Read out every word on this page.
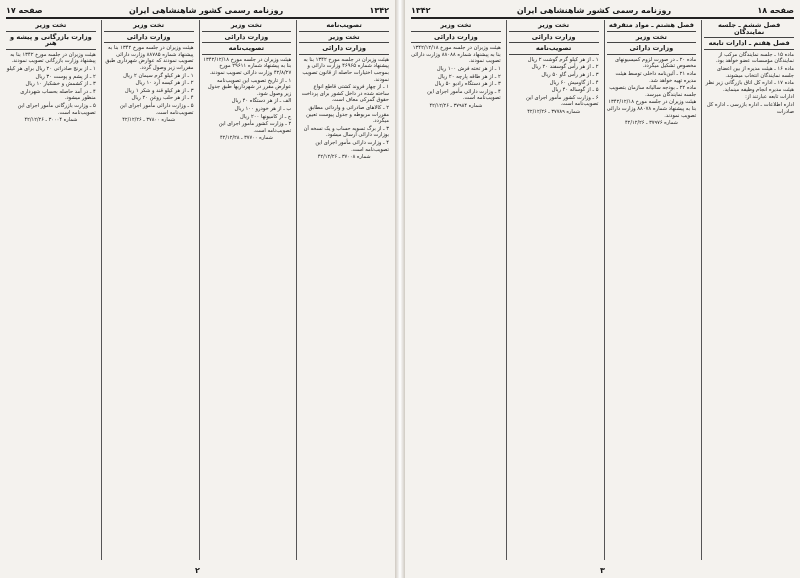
صفحه ۱۸
روزنامه رسمی کشور شاهنشاهی ایران
۱۳۴۲
فصل ششم ـ جلسه نمایندگان
فصل هفتم ـ ادارات تابعه

ماده ۱۵ ـ جلسه نمایندگان مرکب از نمایندگان مؤسسات عضو خواهد بود.

ماده ۱۶ ـ هیئت مدیره از بین اعضای جلسه نمایندگان انتخاب میشوند.

ماده ۱۷ ـ اداره کل اتاق بازرگانی زیر نظر هیئت مدیره انجام وظیفه مینماید.

ادارات تابعه عبارتند از:

اداره اطلاعات ـ اداره بازرسی ـ اداره کل صادرات

فصل هشتم ـ مواد متفرقه
تخت وزیر
وزارت دارائی

ماده ۲۰ ـ در صورت لزوم کمیسیونهای مخصوص تشکیل میگردد.

ماده ۲۱ ـ آئین‌نامه داخلی توسط هیئت مدیره تهیه خواهد شد.

ماده ۲۲ ـ بودجه سالیانه سازمان بتصویب جلسه نمایندگان میرسد.

هیئت وزیران در جلسه مورخ ۱۳۴۲/۱۲/۱۸ بنا به پیشنهاد شماره ۸۸۰۷۸ وزارت دارائی تصویب نمودند.

شماره ۳۷۹۷۶ ـ ۴۲/۱۲/۲۶
تخت وزیر
وزارت دارائی
تصویب‌نامه

۱ ـ از هر کیلو گرم گوشت ۲ ریال

۲ ـ از هر رأس گوسفند ۲۰ ریال

۳ ـ از هر رأس گاو ۵۰ ریال

۴ ـ از گاومیش ۶۰ ریال

۵ ـ از گوساله ۴۰ ریال

۶ ـ وزارت کشور مأمور اجرای این تصویب‌نامه است.

شماره ۳۷۷۸۹ ـ ۴۲/۱۲/۲۶
تخت وزیر
وزارت دارائی

هیئت وزیران در جلسه مورخ ۱۳۴۲/۱۲/۱۸ بنا به پیشنهاد شماره ۸۸۰۸۸ وزارت دارائی تصویب نمودند.

۱ ـ از هر تخته فرش ۱۰۰ ریال

۲ ـ از هر طاقه پارچه ۲۰ ریال

۳ ـ از هر دستگاه رادیو ۵۰ ریال

۴ ـ وزارت دارائی مأمور اجرای این تصویب‌نامه است.

شماره ۳۷۹۸۴ ـ ۴۲/۱۲/۲۶
۳
۱۳۴۲
روزنامه رسمی کشور شاهنشاهی ایران
صفحه ۱۷
تصویب‌نامه
تخت وزیر
وزارت دارائی

هیئت وزیران در جلسه مورخ ۱۳۴۲ بنا به پیشنهاد شماره ۴۶۹۶۵ وزارت دارائی و بموجب اختیارات حاصله از قانون تصویب نمودند.

۱ ـ از چهار فروند کشتی قاطع انواع ساخته شده در داخل کشور برای پرداخت حقوق گمرکی معاف است.

۲ ـ کالاهای صادراتی و وارداتی مطابق مقررات مربوطه و جدول پیوست تعیین میگردد.

۳ ـ از برگ تسویه حساب و یک نسخه آن بوزارت دارائی ارسال میشود.

۴ ـ وزارت دارائی مأمور اجرای این تصویب‌نامه است.

شماره ۳۷۰۰۸ ـ ۴۲/۱۲/۲۶
تخت وزیر
وزارت دارائی
تصویب‌نامه

هیئت وزیران در جلسه مورخ ۱۳۴۲/۱۲/۱۸ بنا به پیشنهاد شماره ۲۹۶۱۱ مورخ ۴۲/۸/۲۷ وزارت دارائی تصویب نمودند.

۱ ـ از تاریخ تصویب این تصویب‌نامه عوارض مقرر در شهرداریها طبق جدول زیر وصول شود.

الف ـ از هر دستگاه ۴۰ ریال

ب ـ از هر خودرو ۱۰۰ ریال

ج ـ از کامیونها ۲۰۰ ریال

۲ ـ وزارت کشور مأمور اجرای این تصویب‌نامه است.

شماره ۳۷۷۰۰ ـ ۴۲/۱۲/۲۸
تخت وزیر
وزارت دارائی

هیئت وزیران در جلسه مورخ ۱۳۴۲ بنا به پیشنهاد شماره ۸۸۷۸۵ وزارت دارائی تصویب نمودند که عوارض شهرداری طبق مقررات زیر وصول گردد.

۱ ـ از هر کیلو گرم سیمان ۲ ریال

۲ ـ از هر کیسه آرد ۱۰ ریال

۳ ـ از هر کیلو قند و شکر ۱ ریال

۴ ـ از هر حلب روغن ۲۰ ریال

۵ ـ وزارت دارائی مأمور اجرای این تصویب‌نامه است.

شماره ۳۷۸۰۰ ـ ۴۲/۱۲/۲۶
تخت وزیر
وزارت بازرگانی و پیشه و هنر

هیئت وزیران در جلسه مورخ ۱۳۴۲ بنا به پیشنهاد وزارت بازرگانی تصویب نمودند.

۱ ـ از برنج صادراتی ۲۰ ریال برای هر کیلو

۲ ـ از پشم و پوست ۳۰ ریال

۳ ـ از کشمش و خشکبار ۱۰ ریال

۴ ـ در آمد حاصله بحساب شهرداری منظور میشود.

۵ ـ وزارت بازرگانی مأمور اجرای این تصویب‌نامه است.

شماره ۳۰۰۰۴ ـ ۴۲/۱۲/۲۶
۲
